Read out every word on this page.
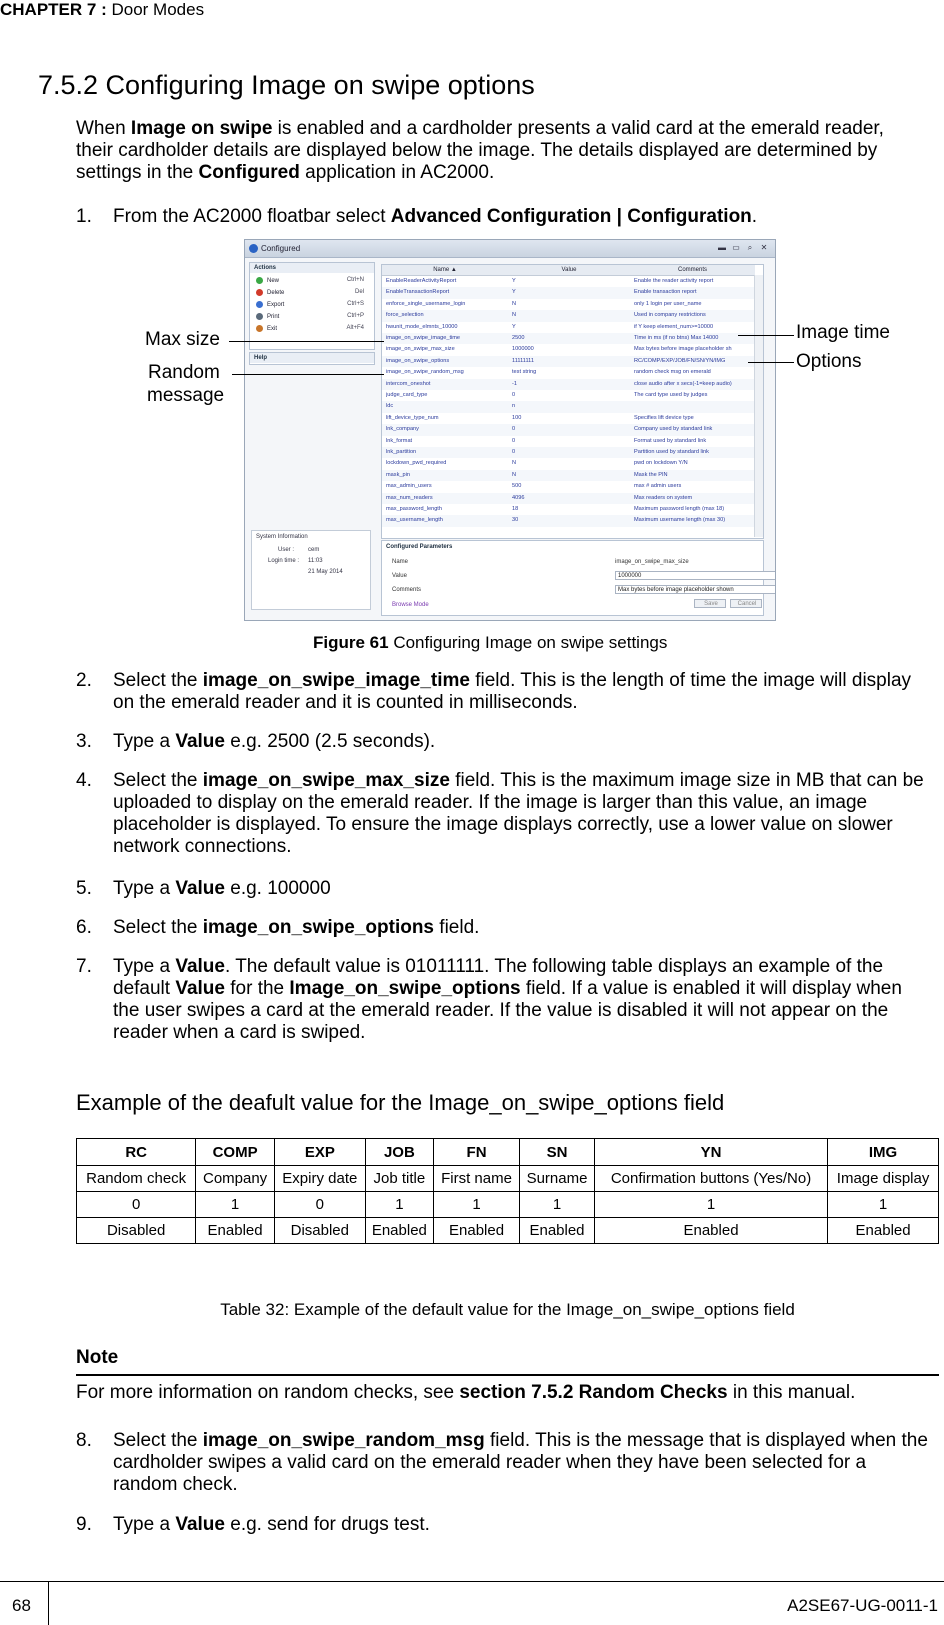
CHAPTER 7 : Door Modes
7.5.2 Configuring Image on swipe options
When Image on swipe is enabled and a cardholder presents a valid card at the emerald reader, their cardholder details are displayed below the image. The details displayed are determined by settings in the Configured application in AC2000.
1. From the AC2000 floatbar select Advanced Configuration | Configuration.
Configured	▬ ▭ ⌕	✕
Actions
New	Ctrl+N
Delete	Del
Export	Ctrl+S
Print	Ctrl+P
Exit	Alt+F4
Help
System Information
User : cem
Login time : 11:03
21 May 2014
Name ▲	Value	Comments
EnableReaderActivityReport	Y	Enable the reader activity report
EnableTransactionReport	Y	Enable transaction report
enforce_single_username_login	N	only 1 login per user_name
force_selection	N	Used in company restrictions
hwunit_mode_elmnts_10000	Y	if Y keep element_num>=10000
image_on_swipe_image_time	2500	Time in ms (if no btns) Max 14000
image_on_swipe_max_size	1000000	Max bytes before image placeholder sh
image_on_swipe_options	11111111	RC/COMP/EXP/JOB/FN/SN/YN/IMG
image_on_swipe_random_msg	test string	random check msg on emerald
intercom_oneshot	-1	close audio after x secs(-1=keep audio)
judge_card_type	0	The card type used by judges
ldc	n
lift_device_type_num	100	Specifies lift device type
lnk_company	0	Company used by standard link
lnk_format	0	Format used by standard link
lnk_partition	0	Partition used by standard link
lockdown_pwd_required	N	pwd on lockdown Y/N
mask_pin	N	Mask the PIN
max_admin_users	500	max # admin users
max_num_readers	4096	Max readers on system
max_password_length	18	Maximum password length (max 18)
max_username_length	30	Maximum username length (max 30)
Configured Parameters
Name	image_on_swipe_max_size
Value	1000000
Comments	Max bytes before image placeholder shown
Browse Mode	Save	Cancel
Max size
Random
message
Image time
Options
Figure 61 Configuring Image on swipe settings
2. Select the image_on_swipe_image_time field. This is the length of time the image will display on the emerald reader and it is counted in milliseconds.
3. Type a Value e.g. 2500 (2.5 seconds).
4. Select the image_on_swipe_max_size field. This is the maximum image size in MB that can be uploaded to display on the emerald reader. If the image is larger than this value, an image placeholder is displayed. To ensure the image displays correctly, use a lower value on slower network connections.
5. Type a Value e.g. 100000
6. Select the image_on_swipe_options field.
7. Type a Value. The default value is 01011111. The following table displays an example of the default Value for the Image_on_swipe_options field. If a value is enabled it will display when the user swipes a card at the emerald reader. If the value is disabled it will not appear on the reader when a card is swiped.
Example of the deafult value for the Image_on_swipe_options field
RC	COMP	EXP	JOB	FN	SN	YN	IMG
Random check	Company	Expiry date	Job title	First name	Surname	Confirmation buttons (Yes/No)	Image display
0	1	0	1	1	1	1	1
Disabled	Enabled	Disabled	Enabled	Enabled	Enabled	Enabled	Enabled
Table 32: Example of the default value for the Image_on_swipe_options field
Note
For more information on random checks, see section 7.5.2 Random Checks in this manual.
8. Select the image_on_swipe_random_msg field. This is the message that is displayed when the cardholder swipes a valid card on the emerald reader when they have been selected for a random check.
9. Type a Value e.g. send for drugs test.
68	A2SE67-UG-0011-1
